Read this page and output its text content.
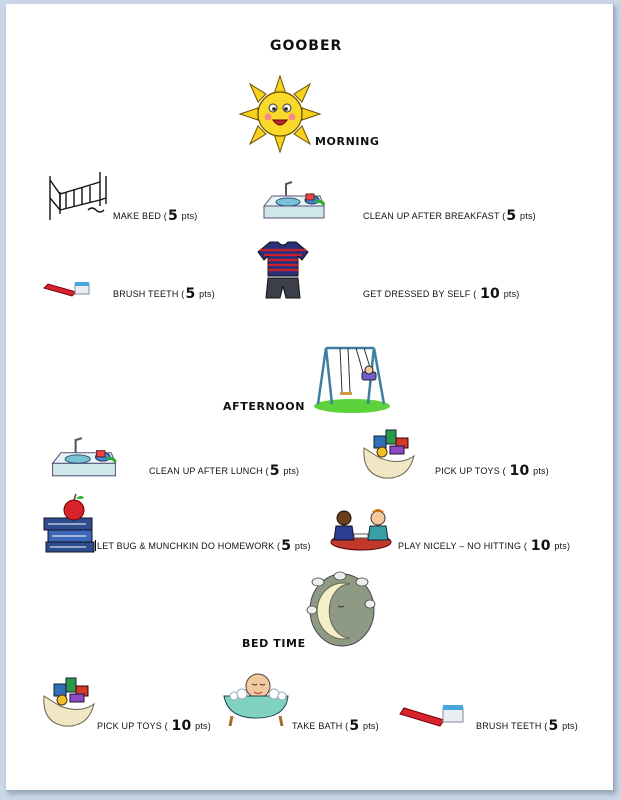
GOOBER
MORNING
MAKE BED (5 pts)	CLEAN UP AFTER BREAKFAST (5 pts)
BRUSH TEETH (5 pts)	GET DRESSED BY SELF ( 10 pts)
AFTERNOON
CLEAN UP AFTER LUNCH (5 pts)	PICK UP TOYS ( 10 pts)
LET BUG & MUNCHKIN DO HOMEWORK (5 pts)	PLAY NICELY – NO HITTING ( 10 pts)
BED TIME
PICK UP TOYS ( 10 pts)	TAKE BATH (5 pts)	BRUSH TEETH (5 pts)
